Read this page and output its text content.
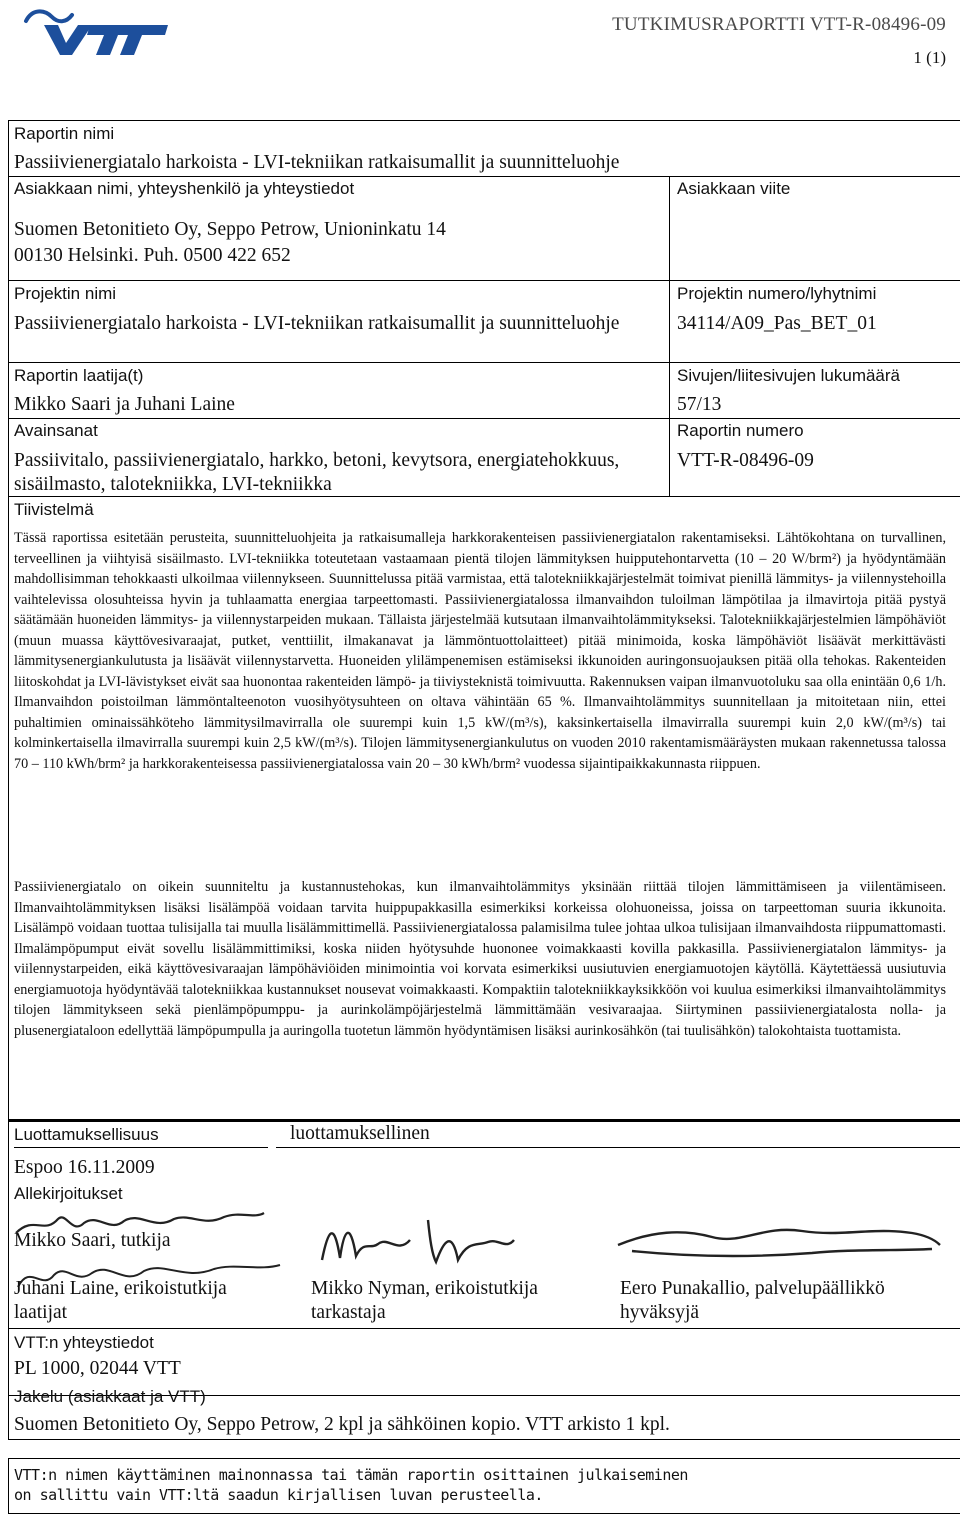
TUTKIMUSRAPORTTI VTT-R-08496-09
1 (1)
Raportin nimi
Passiivienergiatalo harkoista - LVI-tekniikan ratkaisumallit ja suunnitteluohje
Asiakkaan nimi, yhteyshenkilö ja yhteystiedot	Asiakkaan viite
Suomen Betonitieto Oy, Seppo Petrow, Unioninkatu 14
00130 Helsinki. Puh. 0500 422 652
Projektin nimi
Passiivienergiatalo harkoista - LVI-tekniikan ratkaisumallit ja suunnitteluohje
Projektin numero/lyhytnimi
34114/A09_Pas_BET_01
Raportin laatija(t)
Mikko Saari ja Juhani Laine
Sivujen/liitesivujen lukumäärä
57/13
Avainsanat
Passiivitalo, passiivienergiatalo, harkko, betoni, kevytsora, energiatehokkuus, sisäilmasto, talotekniikka, LVI-tekniikka
Raportin numero
VTT-R-08496-09
Tiivistelmä
Tässä raportissa esitetään perusteita, suunnitteluohjeita ja ratkaisumalleja harkkorakenteisen passiivienergiatalon rakentamiseksi. Lähtökohtana on turvallinen, terveellinen ja viihtyisä sisäilmasto. LVI-tekniikka toteutetaan vastaamaan pientä tilojen lämmityksen huipputehontarvetta (10 – 20 W/brm²) ja hyödyntämään mahdollisimman tehokkaasti ulkoilmaa viilennykseen. Suunnittelussa pitää varmistaa, että talotekniikkajärjestelmät toimivat pienillä lämmitys- ja viilennystehoilla vaihtelevissa olosuhteissa hyvin ja tuhlaamatta energiaa tarpeettomasti. Passiivienergiatalossa ilmanvaihdon tuloilman lämpötilaa ja ilmavirtoja pitää pystyä säätämään huoneiden lämmitys- ja viilennystarpeiden mukaan. Tällaista järjestelmää kutsutaan ilmanvaihtolämmitykseksi. Talotekniikkajärjestelmien lämpöhäviöt (muun muassa käyttövesivaraajat, putket, venttiilit, ilmakanavat ja lämmöntuottolaitteet) pitää minimoida, koska lämpöhäviöt lisäävät merkittävästi lämmitysenergiankulutusta ja lisäävät viilennystarvetta. Huoneiden ylilämpenemisen estämiseksi ikkunoiden auringonsuojauksen pitää olla tehokas. Rakenteiden liitoskohdat ja LVI-lävistykset eivät saa huonontaa rakenteiden lämpö- ja tiiviysteknistä toimivuutta. Rakennuksen vaipan ilmanvuotoluku saa olla enintään 0,6 1/h. Ilmanvaihdon poistoilman lämmöntalteenoton vuosihyötysuhteen on oltava vähintään 65 %. Ilmanvaihtolämmitys suunnitellaan ja mitoitetaan niin, ettei puhaltimien ominaissähköteho lämmitysilmavirralla ole suurempi kuin 1,5 kW/(m³/s), kaksinkertaisella ilmavirralla suurempi kuin 2,0 kW/(m³/s) tai kolminkertaisella ilmavirralla suurempi kuin 2,5 kW/(m³/s). Tilojen lämmitysenergiankulutus on vuoden 2010 rakentamismääräysten mukaan rakennetussa talossa 70 – 110 kWh/brm² ja harkkorakenteisessa passiivienergiatalossa vain 20 – 30 kWh/brm² vuodessa sijaintipaikkakunnasta riippuen.
Passiivienergiatalo on oikein suunniteltu ja kustannustehokas, kun ilmanvaihtolämmitys yksinään riittää tilojen lämmittämiseen ja viilentämiseen. Ilmanvaihtolämmityksen lisäksi lisälämpöä voidaan tarvita huippupakkasilla esimerkiksi korkeissa olohuoneissa, joissa on tarpeettoman suuria ikkunoita. Lisälämpö voidaan tuottaa tulisijalla tai muulla lisälämmittimellä. Passiivienergiatalossa palamisilma tulee johtaa ulkoa tulisijaan ilmanvaihdosta riippumattomasti. Ilmalämpöpumput eivät sovellu lisälämmittimiksi, koska niiden hyötysuhde huononee voimakkaasti kovilla pakkasilla. Passiivienergiatalon lämmitys- ja viilennystarpeiden, eikä käyttövesivaraajan lämpöhäviöiden minimointia voi korvata esimerkiksi uusiutuvien energiamuotojen käytöllä. Käytettäessä uusiutuvia energiamuotoja hyödyntävää talotekniikkaa kustannukset nousevat voimakkaasti. Kompaktiin talotekniikkayksikköön voi kuulua esimerkiksi ilmanvaihtolämmitys tilojen lämmitykseen sekä pienlämpöpumppu- ja aurinkolämpöjärjestelmä lämmittämään vesivaraajaa. Siirtyminen passiivienergiatalosta nolla- ja plusenergiataloon edellyttää lämpöpumpulla ja auringolla tuotetun lämmön hyödyntämisen lisäksi aurinkosähkön (tai tuulisähkön) talokohtaista tuottamista.
Luottamuksellisuus	luottamuksellinen
Espoo 16.11.2009
Allekirjoitukset
Mikko Saari, tutkija
Juhani Laine, erikoistutkija
laatijat
Mikko Nyman, erikoistutkija
tarkastaja
Eero Punakallio, palvelupäällikkö
hyväksyjä
VTT:n yhteystiedot
PL 1000, 02044 VTT
Jakelu (asiakkaat ja VTT)
Suomen Betonitieto Oy, Seppo Petrow, 2 kpl ja sähköinen kopio. VTT arkisto 1 kpl.
VTT:n nimen käyttäminen mainonnassa tai tämän raportin osittainen julkaiseminen
on sallittu vain VTT:ltä saadun kirjallisen luvan perusteella.
